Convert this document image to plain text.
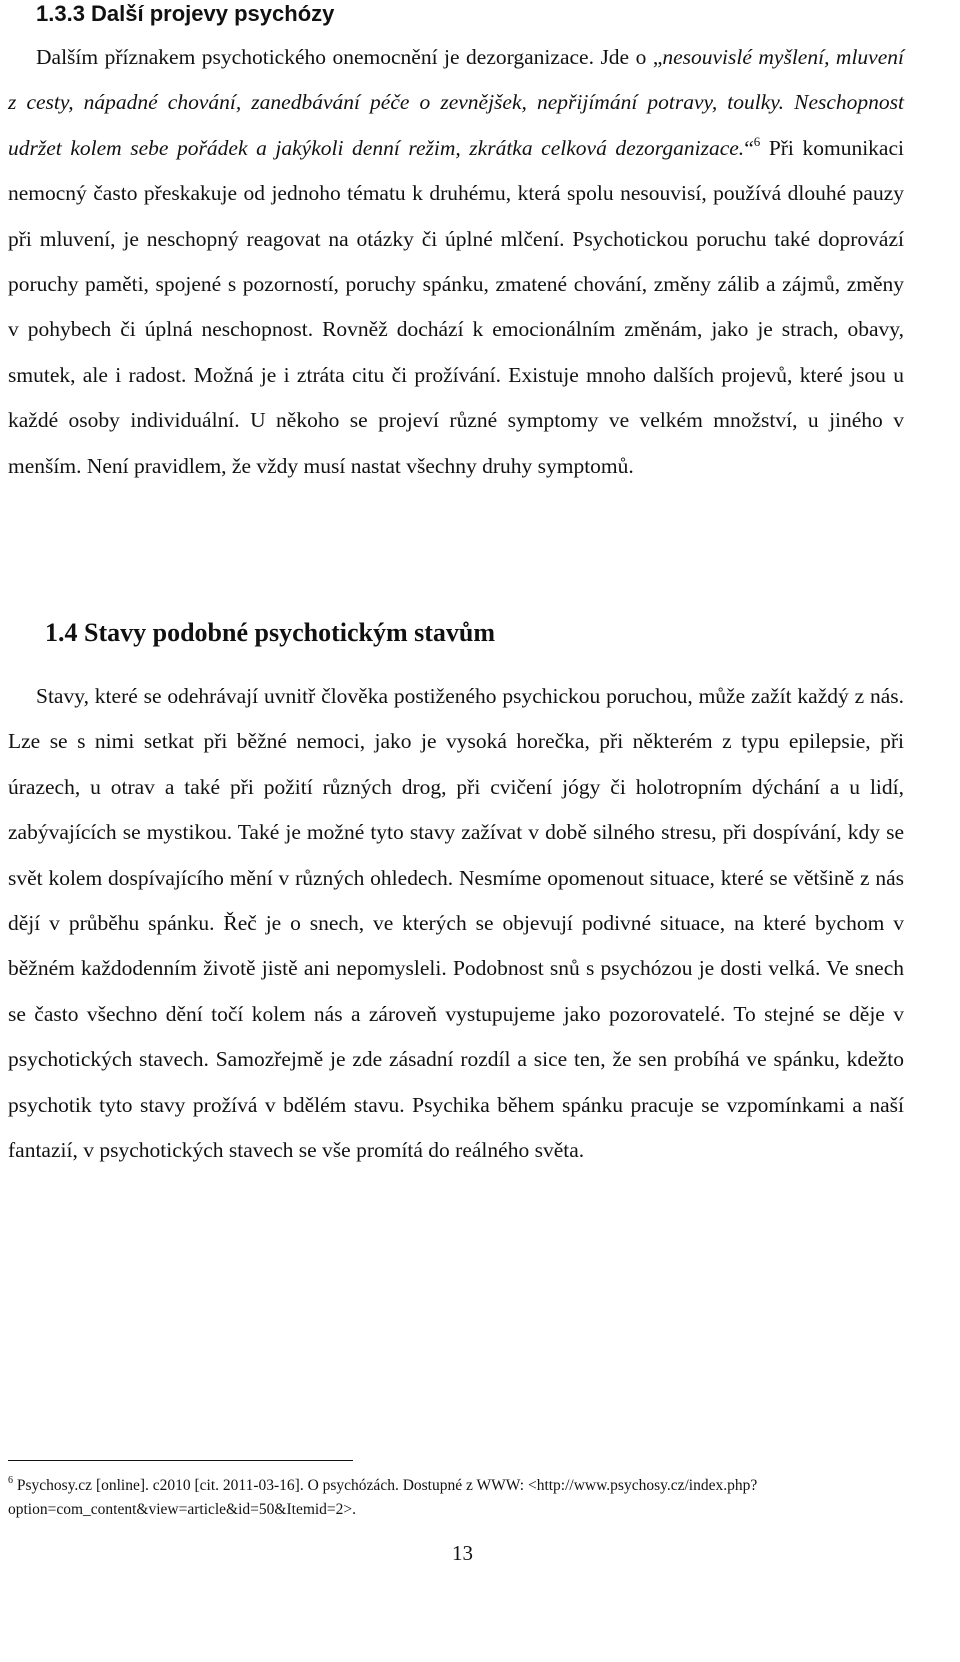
1.3.3 Další projevy psychózy

Dalším příznakem psychotického onemocnění je dezorganizace. Jde o „nesouvislé myšlení, mluvení z cesty, nápadné chování, zanedbávání péče o zevnějšek, nepřijímání potravy, toulky. Neschopnost udržet kolem sebe pořádek a jakýkoli denní režim, zkrátka celková dezorganizace.“$^6$ Při komunikaci nemocný často přeskakuje od jednoho tématu k druhému, která spolu nesouvisí, používá dlouhé pauzy při mluvení, je neschopný reagovat na otázky či úplné mlčení. Psychotickou poruchu také doprovází poruchy paměti, spojené s pozorností, poruchy spánku, zmatené chování, změny zálib a zájmů, změny v pohybech či úplná neschopnost. Rovněž dochází k emocionálním změnám, jako je strach, obavy, smutek, ale i radost. Možná je i ztráta citu či prožívání. Existuje mnoho dalších projevů, které jsou u každé osoby individuální. U někoho se projeví různé symptomy ve velkém množství, u jiného v menším. Není pravidlem, že vždy musí nastat všechny druhy symptomů.

1.4 Stavy podobné psychotickým stavům

Stavy, které se odehrávají uvnitř člověka postiženého psychickou poruchou, může zažít každý z nás. Lze se s nimi setkat při běžné nemoci, jako je vysoká horečka, při některém z typu epilepsie, při úrazech, u otrav a také při požití různých drog, při cvičení jógy či holotropním dýchání a u lidí, zabývajících se mystikou. Také je možné tyto stavy zažívat v době silného stresu, při dospívání, kdy se svět kolem dospívajícího mění v různých ohledech. Nesmíme opomenout situace, které se většině z nás dějí v průběhu spánku. Řeč je o snech, ve kterých se objevují podivné situace, na které bychom v běžném každodenním životě jistě ani nepomysleli. Podobnost snů s psychózou je dosti velká. Ve snech se často všechno dění točí kolem nás a zároveň vystupujeme jako pozorovatelé. To stejné se děje v psychotických stavech. Samozřejmě je zde zásadní rozdíl a sice ten, že sen probíhá ve spánku, kdežto psychotik tyto stavy prožívá v bdělém stavu. Psychika během spánku pracuje se vzpomínkami a naší fantazií, v psychotických stavech se vše promítá do reálného světa.

$^6$ Psychosy.cz [online]. c2010 [cit. 2011-03-16]. O psychózách. Dostupné z WWW: <http://www.psychosy.cz/index.php?option=com_content&view=article&id=50&Itemid=2>.

13
